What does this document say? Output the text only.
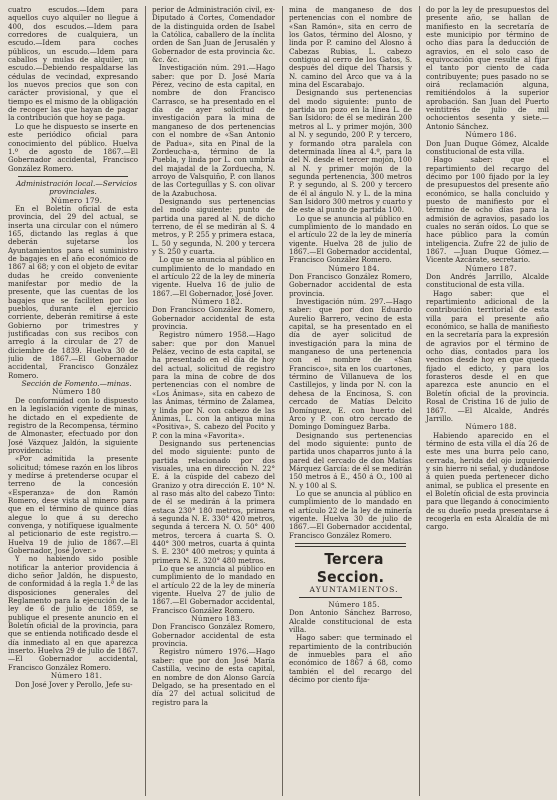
cuatro escudos.—Idem para aquellos cuyo alquiler no llegue á 400, dos escudos.—Idem para corredores de cualquiera, un escudo.—Idem para coches públicos, un escudo.—Idem para caballos y mulas de alquiler, un escudo.—Debiendo respaldarse las cédulas de vecindad, expresando los nuevos precios que son con carácter provisional, y que el tiempo es el mismo de la obligación de recoger las que hayan de pagar la contribución que hoy se paga.

Lo que he dispuesto se inserte en este periódico oficial para conocimiento del público. Huelva 1.º de agosto de 1867.—El Gobernador accidental, Francisco González Romero.

Administración local.—Servicios provinciales.

Número 179.

En el Boletín oficial de esta provincia, del 29 del actual, se inserta una circular con el número 165, dictando las reglas á que deberán sujetarse los Ayuntamientos para el suministro de bagajes en el año económico de 1867 al 68; y con el objeto de evitar dudas he creído conveniente manifestar por medio de la presente, que las cuentas de los bagajes que se faciliten por los pueblos, durante el ejercicio corriente, deberán remitirse á este Gobierno por trimestres y justificadas con sus recibos con arreglo á la circular de 27 de diciembre de 1839. Huelva 30 de julio de 1867.—El Gobernador accidental, Francisco González Romero.

Sección de Fomento.—minas.

Número 180

De conformidad con lo dispuesto en la legislación vigente de minas, he dictado en el expediente de registro de la Recompensa, término de Almonaster, efectuado por don José Vázquez Jaldón, la siguiente providencia:

«Por admitida la presente solicitud; tómese razón en los libros y medírse á pretenderse ocupar el terreno de la concesión «Esperanza» de don Ramón Romero, dese vista al minero para que en el término de quince días alegue lo que á su derecho convenga, y notifíquese igualmente al peticionario de este registro.—Huelva 19 de julio de 1867.—El Gobernador, José Jover.»

Y no habiendo sido posible notificar la anterior providencia á dicho señor Jaldón, he dispuesto, de conformidad á la regla 1.ª de las disposiciones generales del Reglamento para la ejecución de la ley de 6 de julio de 1859, se publique el presente anuncio en el Boletín oficial de la provincia, para que se entienda notificado desde el día inmediato al en que aparezca inserto. Huelva 29 de julio de 1867.—El Gobernador accidental, Francisco González Romero.

Número 181.

Don José Jover y Perollo, Jefe su-

perior de Administración civil, ex-Diputado á Cortes, Comendador de la distinguida orden de Isabel la Católica, caballero de la ínclita orden de San Juan de Jerusalén y Gobernador de esta provincia &c. &c. &c.

Investigación núm. 291.—Hago saber: que por D. José María Pérez, vecino de esta capital, en nombre de don Francisco Carrasco, se ha presentado en el día de ayer solicitud de investigación para la mina de manganeso de dos pertenencias con el nombre de «San Antonio de Padua», sita en Pinal de la Zordeucha-a, término de la Puebla, y linda por L. con umbría del majadal de la Zorduecha, N. arroyo de Valsquiño, P. con llanos de las Corteguillas y S. con olivar de la Azabuchosa.

Designando sus pertenencias del modo siguiente: punto de partida una pared al N. de dicho terreno, de él se medirán al S. 4 metros, y P. 255 y primera estaca, L. 50 y segunda, N. 200 y tercera y S. 250 y cuarta.

Lo que se anuncia al público en cumplimiento de lo mandado en el artículo 22 de la ley de minería vigente. Huelva 16 de julio de 1867.—El Gobernador, José Jover.

Número 182.

Don Francisco González Romero, Gobernador accidental de esta provincia.

Registro número 1958.—Hago saber: que por don Manuel Peláez, vecino de esta capital, se ha presentado en el día de hoy del actual, solicitud de registro para la mina de cobre de dos pertenencias con el nombre de «Los Ánimas», sita en cabezo de las Ánimas, término de Zalamea, y linda por N. con cabezo de las Ánimas, L. con la antigua mina «Positiva», S. cabezo del Pocito y P. con la mina «Favorita».

Designando sus pertenencias del modo siguiente: punto de partida relacionado por dos visuales, una en dirección N. 22° E. á la cúspide del cabezo del Granizo y otra dirección E. 10° N. al raso más alto del cabezo Tinto: de él se medirán á la primera estaca 230° 180 metros, primera á segunda N. E. 330° 420 metros, segunda á tercera N. O. 50° 400 metros, tercera á cuarta S. O. 440° 300 metros, cuarta á quinta S. E. 230° 400 metros; y quinta á primera N. E. 320° 480 metros.

Lo que se anuncia al público en cumplimiento de lo mandado en el artículo 22 de la ley de minería vigente. Huelva 27 de julio de 1867.—El Gobernador accidental, Francisco González Romero.

Número 183.

Don Francisco González Romero, Gobernador accidental de esta provincia.

Registro número 1976.—Hago saber: que por don José María Castilla, vecino de esta capital, en nombre de don Alonso García Delgado, se ha presentado en el día 27 del actual solicitud de registro para la

mina de manganeso de dos pertenencias con el nombre de «San Ramón», sita en cerro de los Gatos, término del Alosno, y linda por P. camino del Alosno á Cabezas Rubias, L. cabezo contiguo al cerro de los Gatos, S. después del dique del Tharsis y N. camino del Arco que va á la mina del Escarabajo.

Designando sus pertenencias del modo siguiente: punto de partida un pozo en la línea L. de San Isidoro: de él se medirán 200 metros al L. y primer mojón, 300 al N. y segundo, 200 P. y tercero, y formando otra paralela con determinada línea al 4.º, para la del N. desde el tercer mojón, 100 al N. y primer mojón de la segunda pertenencia, 300 metros P. y segundo, al S. 200 y tercero de él al ángulo N. y L. de la mina San Isidoro 300 metros y cuarto y de este al punto de partida 100.

Lo que se anuncia al público en cumplimiento de lo mandado en el artículo 22 de la ley de minería vigente. Huelva 28 de julio de 1867.—El Gobernador accidental, Francisco González Romero.

Número 184.

Don Francisco González Romero, Gobernador accidental de esta provincia.

Investigación núm. 297.—Hago saber: que por don Eduardo Aurelio Barrero, vecino de esta capital, se ha presentado en el día de ayer solicitud de investigación para la mina de manganeso de una pertenencia con el nombre de «San Francisco», sita en los cuartones, término de Villanueva de los Castillejos, y linda por N. con la dehesa de la Encinosa, S. con cercado de Matías Delcito Domínguez, E. con huerto del Arco y P. con otro cercado de Domingo Domínguez Barba.

Designando sus pertenencias del modo siguiente: punto de partida unos chaparros junto á la pared del cercado de don Matías Márquez García: de él se medirán 150 metros á E., 450 á O., 100 al N. y 100 al S.

Lo que se anuncia al público en cumplimiento de lo mandado en el artículo 22 de la ley de minería vigente. Huelva 30 de julio de 1867.—El Gobernador accidental, Francisco González Romero.

Tercera Seccion.

AYUNTAMIENTOS.

Número 185.

Don Antonio Sánchez Barroso, Alcalde constitucional de esta villa.

Hago saber: que terminado el repartimiento de la contribución de inmuebles para el año económico de 1867 á 68, como también el del recargo del décimo por ciento fija-

do por la ley de presupuestos del presente año, se hallan de manifiesto en la secretaría de este municipio por término de ocho días para la deducción de agravios, en el solo caso de equivocación que resulte al fijar el tanto por ciento de cada contribuyente; pues pasado no se oirá reclamación alguna, remitiéndolos á la superior aprobación. San Juan del Puerto veintitrés de julio de mil ochocientos sesenta y siete.—Antonio Sánchez.

Número 186.

Don Juan Duque Gómez, Alcalde constitucional de esta villa.

Hago saber: que el repartimiento del recargo del décimo por 100 fijado por la ley de presupuestos del presente año económico, se halla concluido y puesto de manifiesto por el término de ocho días para la admisión de agravios, pasado los cuales no serán oídos. Lo que se hace público para la común inteligencia. Zufre 22 de julio de 1867. —Juan Duque Gómez.—Vicente Azcárate, secretario.

Número 187.

Don Andrés Jarrillo, Alcalde constitucional de esta villa.

Hago saber: que el repartimiento adicional de la contribución territorial de esta villa para el presente año económico, se halla de manifiesto en la secretaría para la expresión de agravios por el término de ocho días, contados para los vecinos desde hoy en que queda fijado el edicto, y para los forasteros desde el en que aparezca este anuncio en el Boletín oficial de la provincia. Rosal de Cristina 16 de julio de 1867. —El Alcalde, Andrés Jarrillo.

Número 188.

Habiendo aparecido en el término de esta villa el día 26 de este mes una burra pelo cano, cerrada, herida del ojo izquierdo y sin hierro ni señal, y dudándose á quien pueda pertenecer dicho animal, se publica el presente en el Boletín oficial de esta provincia para que llegando á conocimiento de su dueño pueda presentarse á recogerla en esta Alcaldía de mi cargo.
